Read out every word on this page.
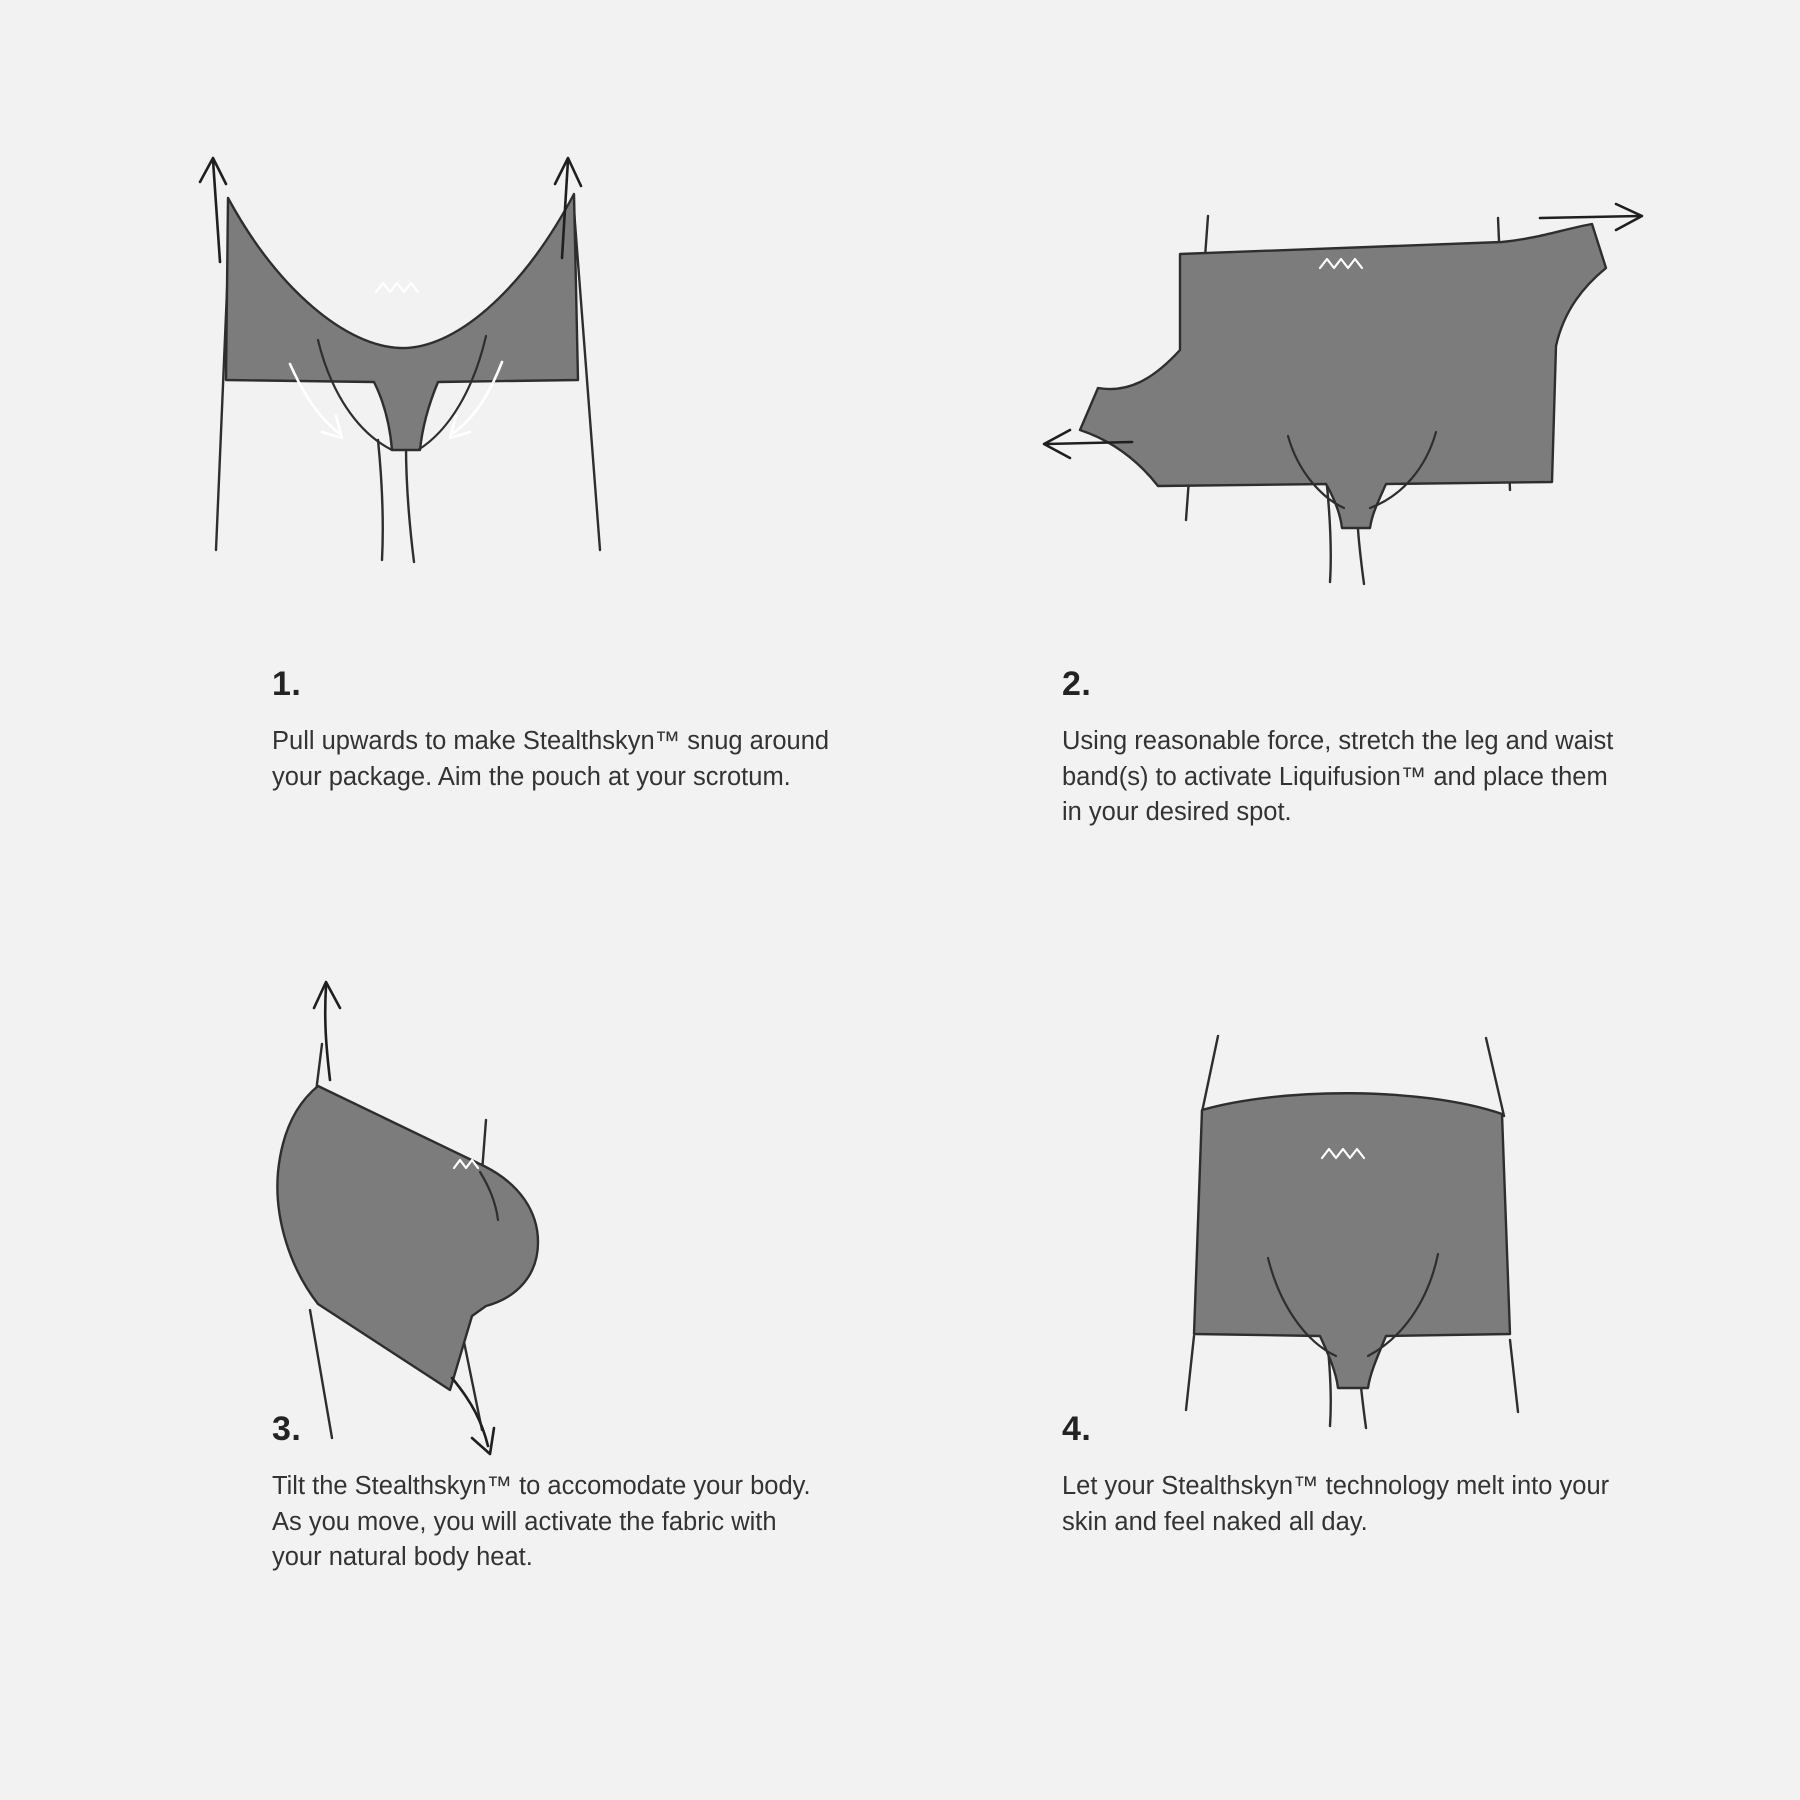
1.

Pull upwards to make Stealthskyn™ snug around your package. Aim the pouch at your scrotum.

2.

Using reasonable force, stretch the leg and waist band(s) to activate Liquifusion™ and place them in your desired spot.

3.

Tilt the Stealthskyn™ to accomodate your body. As you move, you will activate the fabric with your natural body heat.

4.

Let your Stealthskyn™ technology melt into your skin and feel naked all day.
